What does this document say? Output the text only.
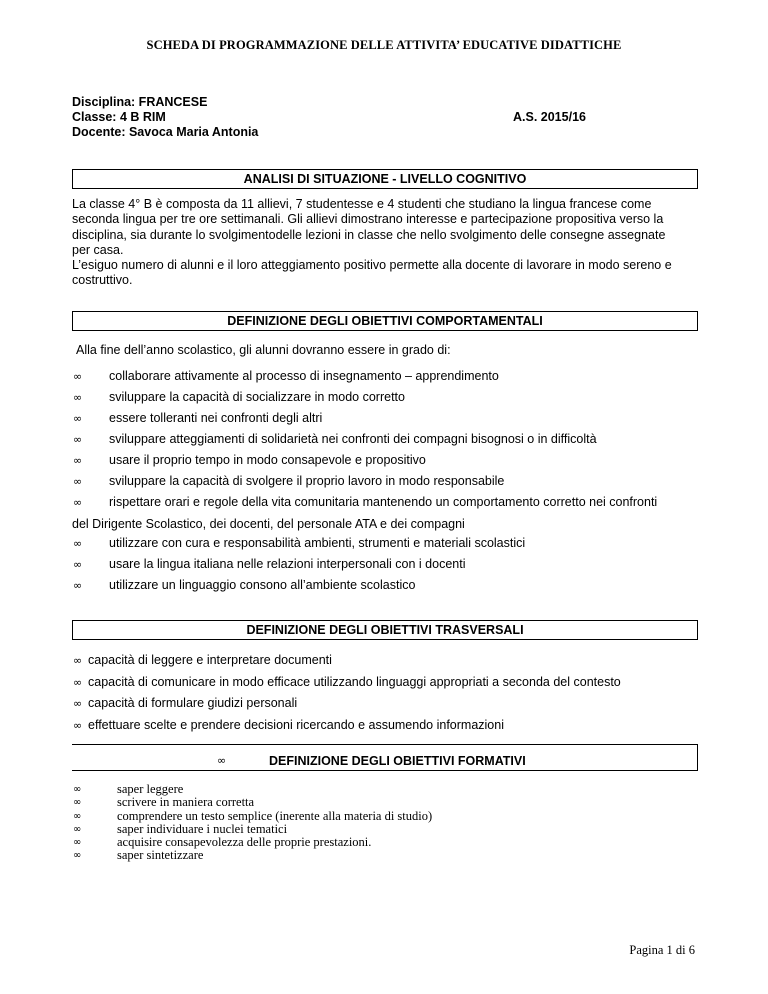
SCHEDA DI PROGRAMMAZIONE DELLE ATTIVITA’ EDUCATIVE DIDATTICHE
Disciplina: FRANCESE
Classe: 4 B RIM
Docente: Savoca Maria Antonia
A.S. 2015/16
ANALISI DI SITUAZIONE - LIVELLO COGNITIVO
La classe 4° B è composta da 11 allievi, 7 studentesse e 4 studenti che studiano la lingua francese come
seconda lingua per tre ore settimanali. Gli allievi dimostrano interesse e partecipazione propositiva verso la
disciplina, sia durante lo svolgimentodelle lezioni in classe che nello svolgimento delle consegne assegnate
per casa.
L’esiguo numero di alunni e il loro atteggiamento positivo permette alla docente di lavorare in modo sereno e
costruttivo.
DEFINIZIONE DEGLI OBIETTIVI COMPORTAMENTALI
Alla fine dell’anno scolastico, gli alunni dovranno essere in grado di:
∞ collaborare attivamente al processo di insegnamento – apprendimento
∞ sviluppare la capacità di socializzare in modo corretto
∞ essere tolleranti nei confronti degli altri
∞ sviluppare atteggiamenti di solidarietà nei confronti dei compagni bisognosi o in difficoltà
∞ usare il proprio tempo in modo consapevole e propositivo
∞ sviluppare la capacità di svolgere il proprio lavoro in modo responsabile
∞ rispettare orari e regole della vita comunitaria mantenendo un comportamento corretto nei confronti
del Dirigente Scolastico, dei docenti, del personale ATA e dei compagni
∞ utilizzare con cura e responsabilità ambienti, strumenti e materiali scolastici
∞ usare la lingua italiana nelle relazioni interpersonali con i docenti
∞ utilizzare un linguaggio consono all’ambiente scolastico
DEFINIZIONE DEGLI OBIETTIVI TRASVERSALI
∞ capacità di leggere e interpretare documenti
∞ capacità di comunicare in modo efficace utilizzando linguaggi appropriati a seconda del contesto
∞ capacità di formulare giudizi personali
∞ effettuare scelte e prendere decisioni ricercando e assumendo informazioni
∞	DEFINIZIONE DEGLI OBIETTIVI FORMATIVI
∞	saper leggere
∞	scrivere in maniera corretta
∞	comprendere un testo semplice (inerente alla materia di studio)
∞	saper individuare i nuclei tematici
∞	acquisire consapevolezza delle proprie prestazioni.
∞	saper sintetizzare
Pagina 1 di 6
